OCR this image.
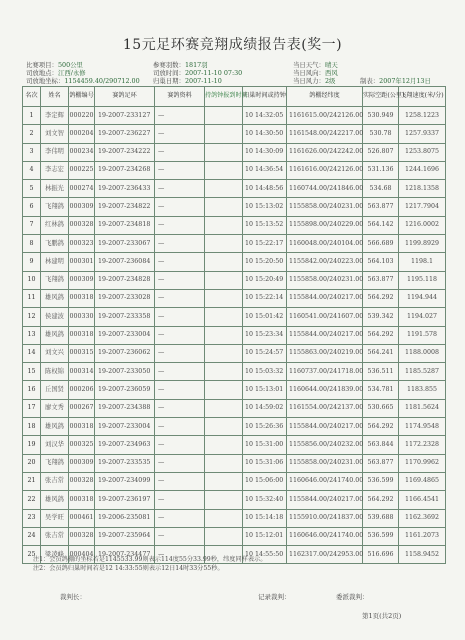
15元足环赛竞翔成绩报告表(奖一)
比赛项目：500公里
司放地点：江西/永修
司放地坐标：1154459.40/290712.00
参赛羽数：1817羽
司放时间：2007-11-10 07:30
归巢日期：2007-11-10
当日天气：晴天
当日风向：西风
当日风力：2级	制表：2007年12月13日
名次	姓名	鸽棚编号	赛鸽足环	赛鸽资料	持鸽钟报到时间	归巢时间或持钟	鸽棚经纬度	实际空距(公里)	飞翔速度(米/分)
1	李定辉	000220	19-2007-233127	—		10 14:32:05	1161615.00/242126.00	530.949	1258.1223
2	刘文智	000204	19-2007-236227	—		10 14:30:50	1161548.00/242217.00	530.78	1257.9337
3	李伟明	000234	19-2007-234222	—		10 14:30:09	1161626.00/242242.00	526.807	1253.8075
4	李志宏	000225	19-2007-234268	—		10 14:36:54	1161616.00/242126.00	531.136	1244.1696
5	林振光	000274	19-2007-236433	—		10 14:48:56	1160744.00/241846.00	534.68	1218.1358
6	飞翔鸽	000309	19-2007-234822	—		10 15:13:02	1155858.00/240231.00	563.877	1217.7904
7	红林鸽	000328	19-2007-234818	—		10 15:13:52	1155898.00/240229.00	564.142	1216.0002
8	飞鹏鸽	000323	19-2007-233067	—		10 15:22:17	1160048.00/240104.00	566.689	1199.8929
9	林建明	000301	19-2007-236084	—		10 15:20:50	1155842.00/240223.00	564.103	1198.1
10	飞翔鸽	000309	19-2007-234828	—		10 15:20:49	1155858.00/240231.00	563.877	1195.118
11	雄风鸽	000318	19-2007-233028	—		10 15:22:14	1155844.00/240217.00	564.292	1194.944
12	侯建波	000330	19-2007-233358	—		10 15:01:42	1160541.00/241607.00	539.342	1194.027
13	雄风鸽	000318	19-2007-233004	—		10 15:23:34	1155844.00/240217.00	564.292	1191.578
14	刘文兴	000315	19-2007-236062	—		10 15:24:57	1155863.00/240219.00	564.241	1188.0008
15	陈权锦	000314	19-2007-233050	—		10 15:03:32	1160737.00/241718.00	536.511	1185.5287
16	丘国贤	000206	19-2007-236059	—		10 15:13:01	1160644.00/241839.00	534.781	1183.855
17	廖文秀	000267	19-2007-234388	—		10 14:59:02	1161554.00/242137.00	530.665	1181.5624
18	雄风鸽	000318	19-2007-233004	—		10 15:26:36	1155844.00/240217.00	564.292	1174.9548
19	刘汉华	000325	19-2007-234963	—		10 15:31:00	1155856.00/240232.00	563.844	1172.2328
20	飞翔鸽	000309	19-2007-233535	—		10 15:31:06	1155858.00/240231.00	563.877	1170.9962
21	张吉常	000328	19-2007-234099	—		10 15:06:00	1160646.00/241740.00	536.599	1169.4865
22	雄风鸽	000318	19-2007-236197	—		10 15:32:40	1155844.00/240217.00	564.292	1166.4541
23	吴学旺	000461	19-2006-235081	—		10 15:14:18	1155910.00/241837.00	539.688	1162.3692
24	张吉常	000328	19-2007-235964	—		10 15:12:01	1160646.00/241740.00	536.599	1161.2073
25	梁凌峰	000404	19-2007-234477	—		10 14:55:50	1162317.00/242953.00	516.696	1158.9452
注1：会员鸽棚的坐标若是1145533.99则表示114度55分33.99秒，纬度同样表示。
注2：会员鸽归巢时间若是12 14:33:55则表示12日14时33分55秒。
裁判长：	记录裁判：	委派裁判：
第1页(共2页)
